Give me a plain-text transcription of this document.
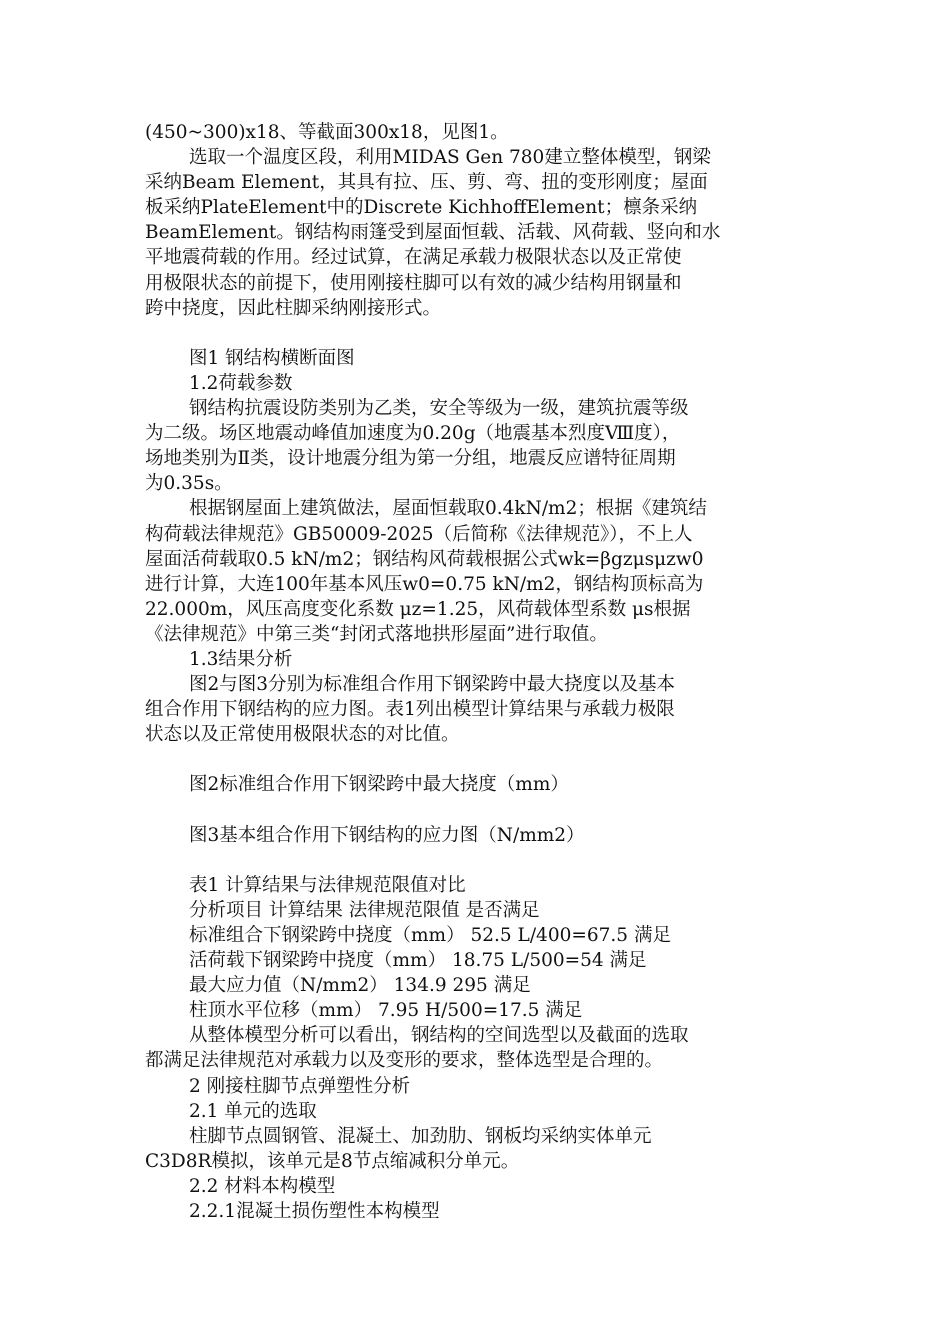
(450~300)x18、等截面300x18，见图1。
选取一个温度区段，利用MIDAS Gen 780建立整体模型，钢梁
采纳Beam Element，其具有拉、压、剪、弯、扭的变形刚度；屋面
板采纳PlateElement中的Discrete KichhoffElement；檩条采纳
BeamElement。钢结构雨篷受到屋面恒载、活载、风荷载、竖向和水
平地震荷载的作用。经过试算，在满足承载力极限状态以及正常使
用极限状态的前提下，使用刚接柱脚可以有效的减少结构用钢量和
跨中挠度，因此柱脚采纳刚接形式。
图1 钢结构横断面图
1.2荷载参数
钢结构抗震设防类别为乙类，安全等级为一级，建筑抗震等级
为二级。场区地震动峰值加速度为0.20g（地震基本烈度Ⅷ度），
场地类别为Ⅱ类，设计地震分组为第一分组，地震反应谱特征周期
为0.35s。
根据钢屋面上建筑做法，屋面恒载取0.4kN/m2；根据《建筑结
构荷载法律规范》GB50009-2025（后简称《法律规范》），不上人
屋面活荷载取0.5 kN/m2；钢结构风荷载根据公式wk=βgzμsμzw0
进行计算，大连100年基本风压w0=0.75 kN/m2，钢结构顶标高为
22.000m，风压高度变化系数 μz=1.25，风荷载体型系数 μs根据
《法律规范》中第三类“封闭式落地拱形屋面”进行取值。
1.3结果分析
图2与图3分别为标准组合作用下钢梁跨中最大挠度以及基本
组合作用下钢结构的应力图。表1列出模型计算结果与承载力极限
状态以及正常使用极限状态的对比值。
图2标准组合作用下钢梁跨中最大挠度（mm）
图3基本组合作用下钢结构的应力图（N/mm2）
表1 计算结果与法律规范限值对比
分析项目 计算结果 法律规范限值 是否满足
标准组合下钢梁跨中挠度（mm） 52.5 L/400=67.5 满足
活荷载下钢梁跨中挠度（mm） 18.75 L/500=54 满足
最大应力值（N/mm2） 134.9 295 满足
柱顶水平位移（mm） 7.95 H/500=17.5 满足
从整体模型分析可以看出，钢结构的空间选型以及截面的选取
都满足法律规范对承载力以及变形的要求，整体选型是合理的。
2 刚接柱脚节点弹塑性分析
2.1 单元的选取
柱脚节点圆钢管、混凝土、加劲肋、钢板均采纳实体单元
C3D8R模拟，该单元是8节点缩减积分单元。
2.2 材料本构模型
2.2.1混凝土损伤塑性本构模型
